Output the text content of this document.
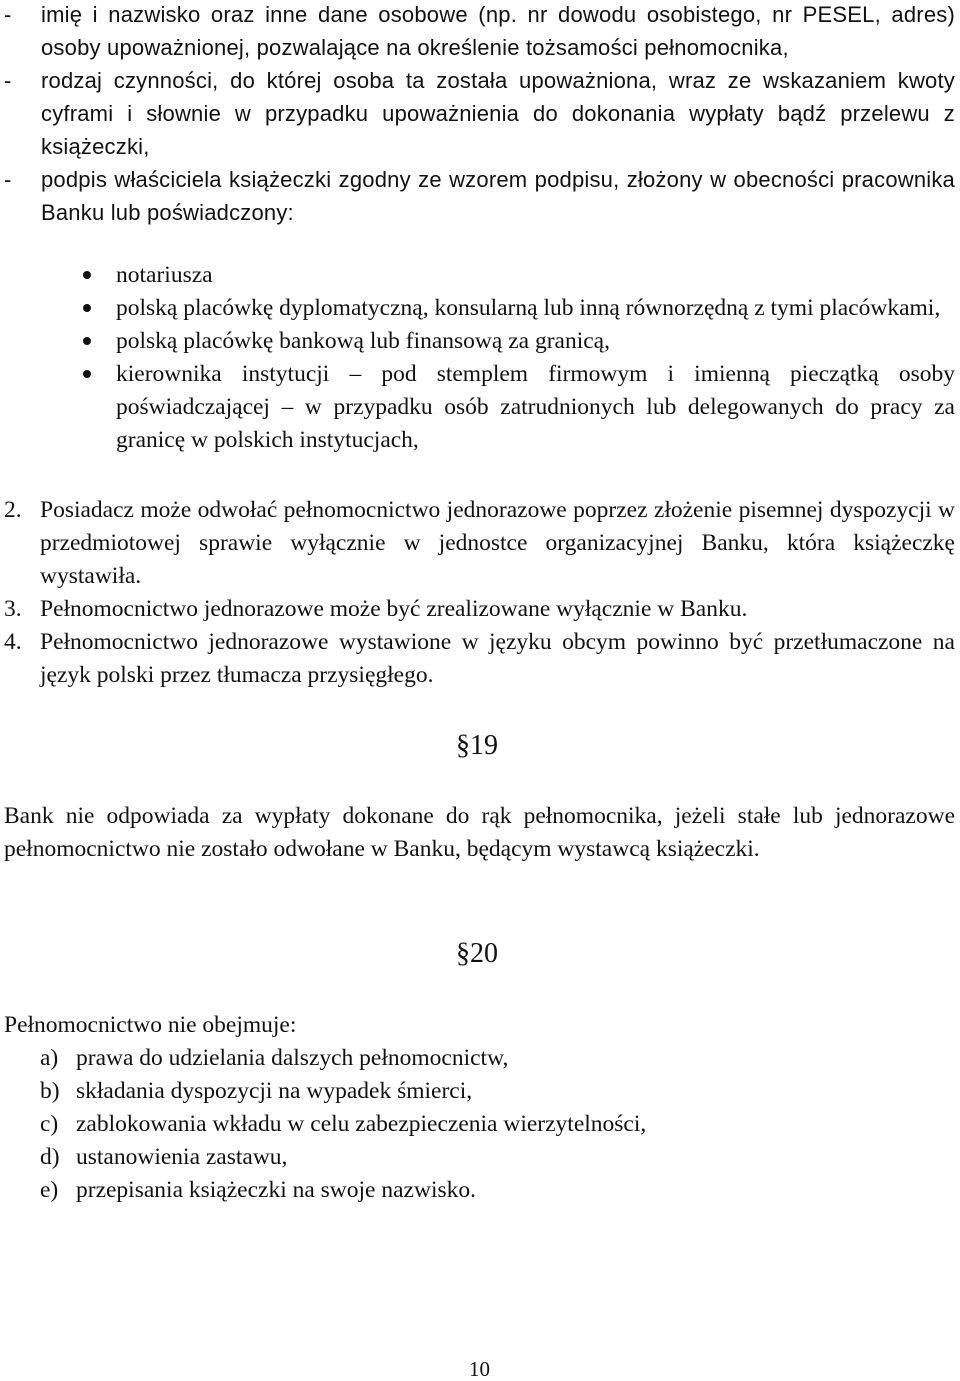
-	imię i nazwisko oraz inne dane osobowe (np. nr dowodu osobistego, nr PESEL, adres) osoby upoważnionej, pozwalające na określenie tożsamości pełnomocnika,
-	rodzaj czynności, do której osoba ta została upoważniona, wraz ze wskazaniem kwoty cyframi i słownie w przypadku upoważnienia do dokonania wypłaty bądź przelewu z książeczki,
-	podpis właściciela książeczki zgodny ze wzorem podpisu, złożony w obecności pracownika Banku lub poświadczony:
notariusza
polską placówkę dyplomatyczną, konsularną lub inną równorzędną z tymi placówkami,
polską placówkę bankową lub finansową za granicą,
kierownika instytucji – pod stemplem firmowym i imienną pieczątką osoby poświadczającej – w przypadku osób zatrudnionych lub delegowanych do pracy za granicę w polskich instytucjach,
2. Posiadacz może odwołać pełnomocnictwo jednorazowe poprzez złożenie pisemnej dyspozycji w przedmiotowej sprawie wyłącznie w jednostce organizacyjnej Banku, która książeczkę wystawiła.
3. Pełnomocnictwo jednorazowe może być zrealizowane wyłącznie w Banku.
4. Pełnomocnictwo jednorazowe wystawione w języku obcym powinno być przetłumaczone na język polski przez tłumacza przysięgłego.
§19
Bank nie odpowiada za wypłaty dokonane do rąk pełnomocnika, jeżeli stałe lub jednorazowe pełnomocnictwo nie zostało odwołane w Banku, będącym wystawcą książeczki.
§20
Pełnomocnictwo nie obejmuje:
a) prawa do udzielania dalszych pełnomocnictw,
b) składania dyspozycji na wypadek śmierci,
c) zablokowania wkładu w celu zabezpieczenia wierzytelności,
d) ustanowienia zastawu,
e) przepisania książeczki na swoje nazwisko.
10
